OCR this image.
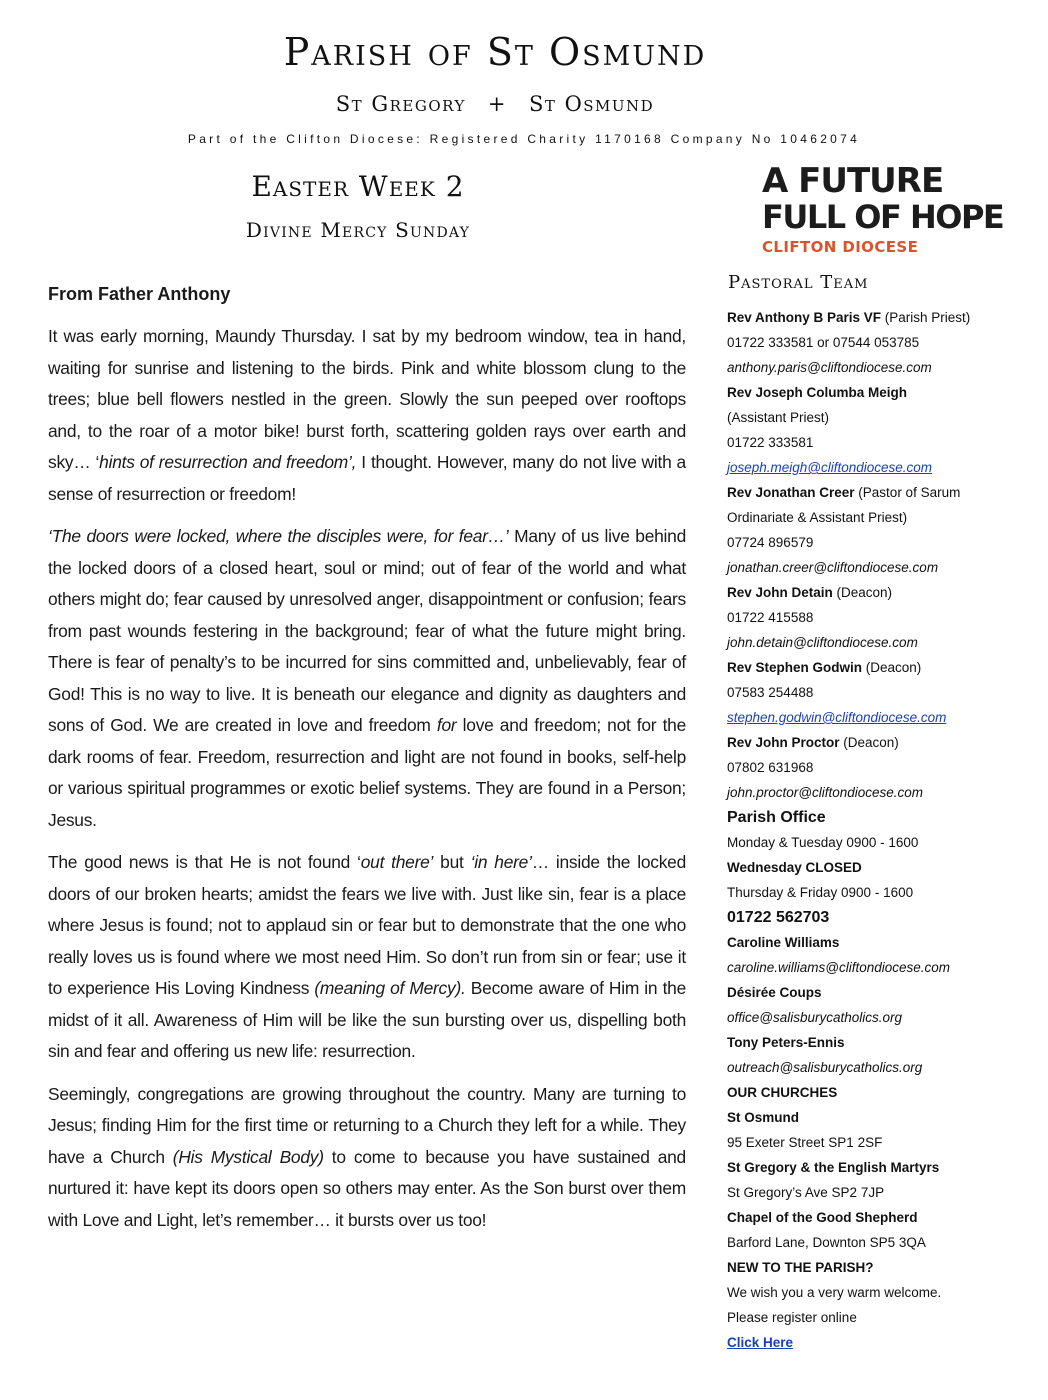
Parish of St Osmund
St Gregory + St Osmund
Part of the Clifton Diocese: Registered Charity 1170168 Company No 10462074
Easter Week 2
Divine Mercy Sunday
A FUTURE
FULL OF HOPE
CLIFTON DIOCESE
From Father Anthony

It was early morning, Maundy Thursday. I sat by my bedroom window, tea in hand, waiting for sunrise and listening to the birds. Pink and white blossom clung to the trees; blue bell flowers nestled in the green. Slowly the sun peeped over rooftops and, to the roar of a motor bike! burst forth, scattering golden rays over earth and sky… ‘hints of resurrection and freedom’, I thought. However, many do not live with a sense of resurrection or freedom!

‘The doors were locked, where the disciples were, for fear…’ Many of us live behind the locked doors of a closed heart, soul or mind; out of fear of the world and what others might do; fear caused by unresolved anger, disappointment or confusion; fears from past wounds festering in the background; fear of what the future might bring. There is fear of penalty’s to be incurred for sins committed and, unbelievably, fear of God! This is no way to live. It is beneath our elegance and dignity as daughters and sons of God. We are created in love and freedom for love and freedom; not for the dark rooms of fear. Freedom, resurrection and light are not found in books, self-help or various spiritual programmes or exotic belief systems. They are found in a Person; Jesus.

The good news is that He is not found ‘out there’ but ‘in here’… inside the locked doors of our broken hearts; amidst the fears we live with. Just like sin, fear is a place where Jesus is found; not to applaud sin or fear but to demonstrate that the one who really loves us is found where we most need Him. So don’t run from sin or fear; use it to experience His Loving Kindness (meaning of Mercy). Become aware of Him in the midst of it all. Awareness of Him will be like the sun bursting over us, dispelling both sin and fear and offering us new life: resurrection.

Seemingly, congregations are growing throughout the country. Many are turning to Jesus; finding Him for the first time or returning to a Church they left for a while. They have a Church (His Mystical Body) to come to because you have sustained and nurtured it: have kept its doors open so others may enter. As the Son burst over them with Love and Light, let’s remember… it bursts over us too!

Pastoral Team
Rev Anthony B Paris VF (Parish Priest)
01722 333581 or 07544 053785
anthony.paris@cliftondiocese.com
Rev Joseph Columba Meigh
(Assistant Priest)
01722 333581
joseph.meigh@cliftondiocese.com
Rev Jonathan Creer (Pastor of Sarum
Ordinariate & Assistant Priest)
07724 896579
jonathan.creer@cliftondiocese.com
Rev John Detain (Deacon)
01722 415588
john.detain@cliftondiocese.com
Rev Stephen Godwin (Deacon)
07583 254488
stephen.godwin@cliftondiocese.com
Rev John Proctor (Deacon)
07802 631968
john.proctor@cliftondiocese.com
Parish Office
Monday & Tuesday 0900 - 1600
Wednesday CLOSED
Thursday & Friday 0900 - 1600
01722 562703
Caroline Williams
caroline.williams@cliftondiocese.com
Désirée Coups
office@salisburycatholics.org
Tony Peters-Ennis
outreach@salisburycatholics.org
OUR CHURCHES
St Osmund
95 Exeter Street SP1 2SF
St Gregory & the English Martyrs
St Gregory’s Ave SP2 7JP
Chapel of the Good Shepherd
Barford Lane, Downton SP5 3QA
NEW TO THE PARISH?
We wish you a very warm welcome.
Please register online
Click Here
